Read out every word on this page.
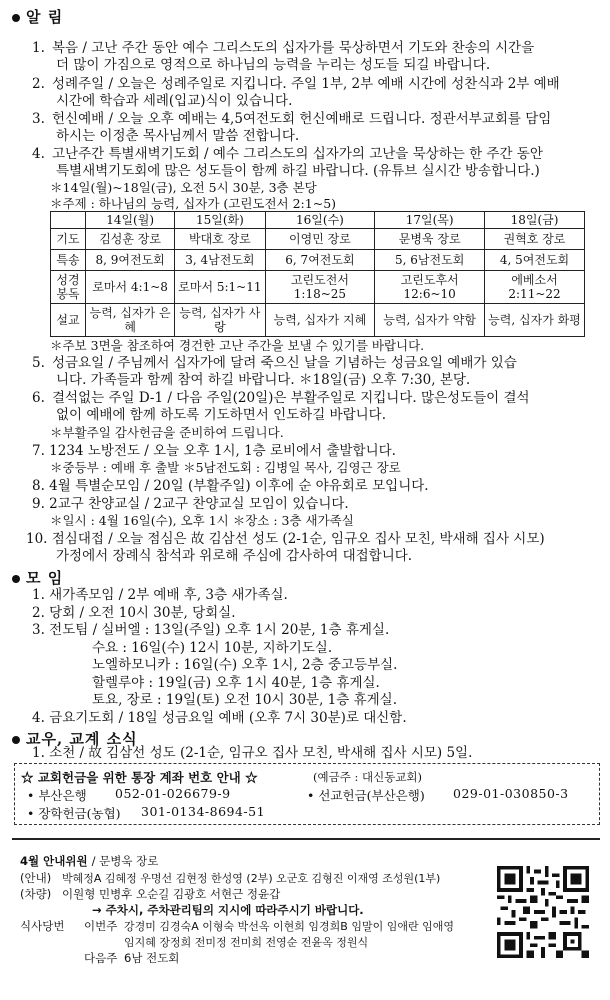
알 림
1. 복음 / 고난 주간 동안 예수 그리스도의 십자가를 묵상하면서 기도와 찬송의 시간을
더 많이 가짐으로 영적으로 하나님의 능력을 누리는 성도들 되길 바랍니다.
2. 성례주일 / 오늘은 성례주일로 지킵니다. 주일 1부, 2부 예배 시간에 성찬식과 2부 예배
시간에 학습과 세례(입교)식이 있습니다.
3. 헌신예배 / 오늘 오후 예배는 4,5여전도회 헌신예배로 드립니다. 정관서부교회를 담임
하시는 이정춘 목사님께서 말씀 전합니다.
4. 고난주간 특별새벽기도회 / 예수 그리스도의 십자가의 고난을 묵상하는 한 주간 동안
특별새벽기도회에 많은 성도들이 함께 하길 바랍니다. (유튜브 실시간 방송합니다.)
＊14일(월)~18일(금), 오전 5시 30분, 3층 본당
＊주제 : 하나님의 능력, 십자가 (고린도전서 2:1~5)
	14일(월)	15일(화)	16일(수)	17일(목)	18일(금)
기도	김성훈 장로	박대호 장로	이영민 장로	문병욱 장로	권혁호 장로
특송	8, 9여전도회	3, 4남전도회	6, 7여전도회	5, 6남전도회	4, 5여전도회
성경봉독	로마서 4:1~8	로마서 5:1~11	고린도전서 1:18~25	고린도후서 12:6~10	에베소서 2:11~22
설교	능력, 십자가 은혜	능력, 십자가 사랑	능력, 십자가 지혜	능력, 십자가 약함	능력, 십자가 화평
＊주보 3면을 참조하여 경건한 고난 주간을 보낼 수 있기를 바랍니다.
5. 성금요일 / 주님께서 십자가에 달려 죽으신 날을 기념하는 성금요일 예배가 있습
니다. 가족들과 함께 참여 하길 바랍니다. ＊18일(금) 오후 7:30, 본당.
6. 결석없는 주일 D-1 / 다음 주일(20일)은 부활주일로 지킵니다. 많은성도들이 결석
없이 예배에 함께 하도록 기도하면서 인도하길 바랍니다.
＊부활주일 감사헌금을 준비하여 드립니다.
7. 1234 노방전도 / 오늘 오후 1시, 1층 로비에서 출발합니다.
＊중등부 : 예배 후 출발 ＊5남전도회 : 김병일 목사, 김영근 장로
8. 4월 특별순모임 / 20일 (부활주일) 이후에 순 야유회로 모입니다.
9. 2교구 찬양교실 / 2교구 찬양교실 모임이 있습니다.
＊일시 : 4월 16일(수), 오후 1시 ＊장소 : 3층 새가족실
10. 점심대접 / 오늘 점심은 故 김삼선 성도 (2-1순, 임규오 집사 모친, 박새해 집사 시모)
가정에서 장례식 참석과 위로해 주심에 감사하여 대접합니다.
모 임
1. 새가족모임 / 2부 예배 후, 3층 새가족실.
2. 당회 / 오전 10시 30분, 당회실.
3. 전도팀 / 실버엘 : 13일(주일) 오후 1시 20분, 1층 휴게실.
수요 : 16일(수) 12시 10분, 지하기도실.
노엘하모니카 : 16일(수) 오후 1시, 2층 중고등부실.
할렐루야 : 19일(금) 오후 1시 40분, 1층 휴게실.
토요, 장로 : 19일(토) 오전 10시 30분, 1층 휴게실.
4. 금요기도회 / 18일 성금요일 예배 (오후 7시 30분)로 대신함.
교우, 교계 소식
1. 소천 / 故 김삼선 성도 (2-1순, 임규오 집사 모친, 박새해 집사 시모) 5일.
☆ 교회헌금을 위한 통장 계좌 번호 안내 ☆	(예금주 : 대신동교회)
• 부산은행 052-01-026679-9	• 선교헌금(부산은행) 029-01-030850-3
• 장학헌금(농협) 301-0134-8694-51
4월 안내위원 / 문병욱 장로
(안내) 박혜정A 김혜정 우명선 김현정 한성영 (2부) 오군호 김형진 이재영 조성원(1부)
(차량) 이원형 민병후 오순길 김광호 서현근 정윤갑
→ 주차시, 주차관리팀의 지시에 따라주시기 바랍니다.
식사당번 이번주 강경미 김경숙A 이형숙 박선옥 이현희 임경희B 임말이 임애란 임애영
임지혜 장정희 전미정 전미희 전영순 전윤옥 정원식
다음주 6남 전도회
